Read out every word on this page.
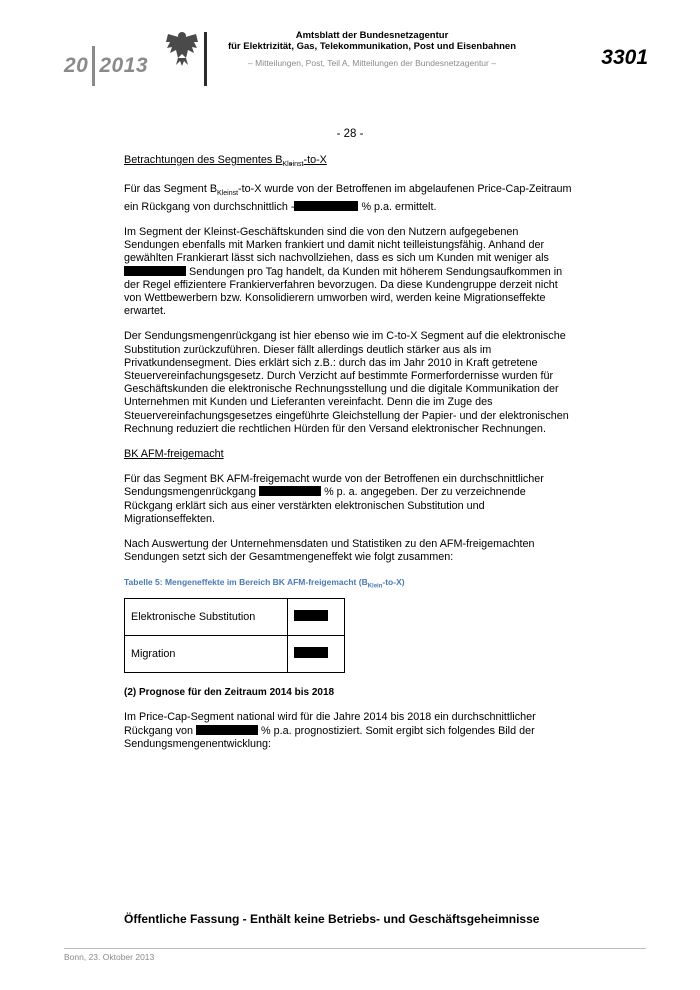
20 2013
Amtsblatt der Bundesnetzagentur
für Elektrizität, Gas, Telekommunikation, Post und Eisenbahnen
– Mitteilungen, Post, Teil A, Mitteilungen der Bundesnetzagentur –	3301
- 28 -

Betrachtungen des Segmentes $B_{Kleinst}-to-X$

Für das Segment $B_{Kleinst}-to-X$ wurde von der Betroffenen im abgelaufenen Price-Cap-Zeitraum ein Rückgang von durchschnittlich -	% p.a. ermittelt.

Im Segment der Kleinst-Geschäftskunden sind die von den Nutzern aufgegebenen Sendungen ebenfalls mit Marken frankiert und damit nicht teilleistungsfähig. Anhand der gewählten Frankierart lässt sich nachvollziehen, dass es sich um Kunden mit weniger als  Sendungen pro Tag handelt, da Kunden mit höherem Sendungsaufkommen in der Regel effizientere Frankierverfahren bevorzugen. Da diese Kundengruppe derzeit nicht von Wettbewerbern bzw. Konsolidierern umworben wird, werden keine Migrationseffekte erwartet.

Der Sendungsmengenrückgang ist hier ebenso wie im C-to-X Segment auf die elektronische Substitution zurückzuführen. Dieser fällt allerdings deutlich stärker aus als im Privatkundensegment. Dies erklärt sich z.B.: durch das im Jahr 2010 in Kraft getretene Steuervereinfachungsgesetz. Durch Verzicht auf bestimmte Formerfordernisse wurden für Geschäftskunden die elektronische Rechnungsstellung und die digitale Kommunikation der Unternehmen mit Kunden und Lieferanten vereinfacht. Denn die im Zuge des Steuervereinfachungsgesetzes eingeführte Gleichstellung der Papier- und der elektronischen Rechnung reduziert die rechtlichen Hürden für den Versand elektronischer Rechnungen.

BK AFM-freigemacht

Für das Segment BK AFM-freigemacht wurde von der Betroffenen ein durchschnittlicher Sendungsmengenrückgang	% p. a. angegeben. Der zu verzeichnende Rückgang erklärt sich aus einer verstärkten elektronischen Substitution und Migrationseffekten.

Nach Auswertung der Unternehmensdaten und Statistiken zu den AFM-freigemachten Sendungen setzt sich der Gesamtmengeneffekt wie folgt zusammen:

Tabelle 5: Mengeneffekte im Bereich BK AFM-freigemacht $(B_{Klein}-to-X)$
Elektronische Substitution	
Migration	

(2) Prognose für den Zeitraum 2014 bis 2018

Im Price-Cap-Segment national wird für die Jahre 2014 bis 2018 ein durchschnittlicher Rückgang von	% p.a. prognostiziert. Somit ergibt sich folgendes Bild der Sendungsmengenentwicklung:

Öffentliche Fassung - Enthält keine Betriebs- und Geschäftsgeheimnisse
Bonn, 23. Oktober 2013
